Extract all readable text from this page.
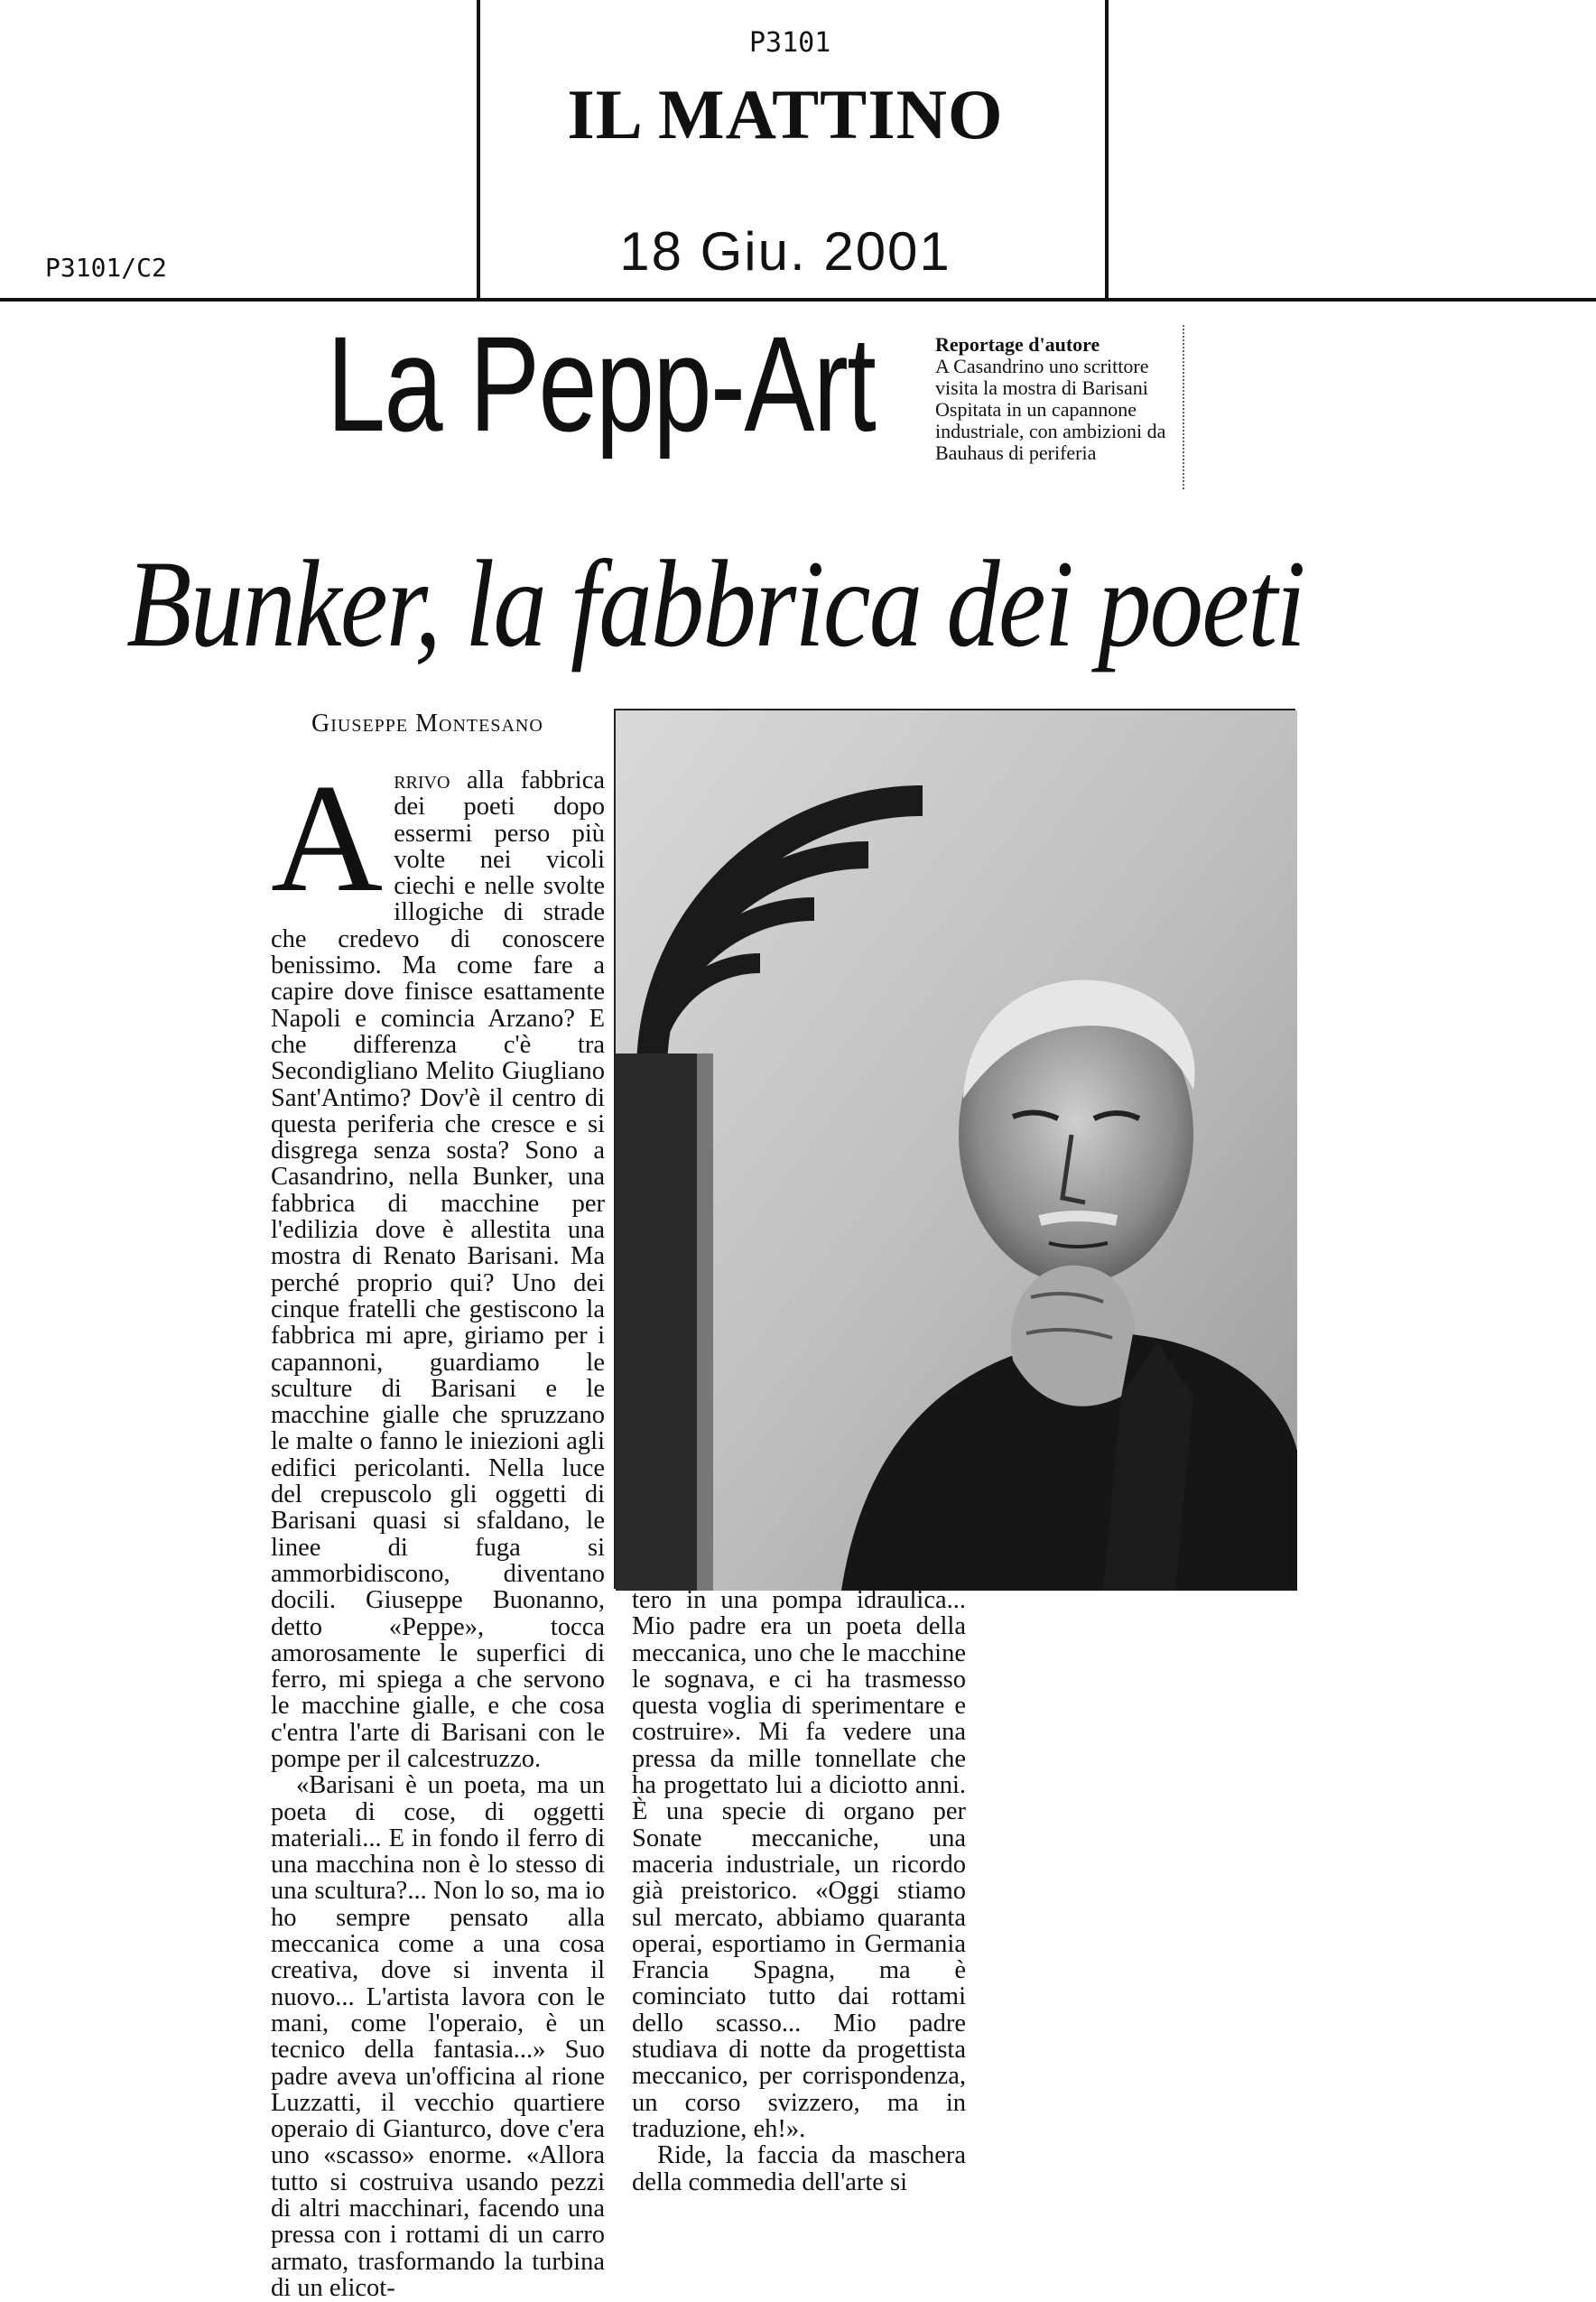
P3101
P3101/C2
IL MATTINO
18 Giu. 2001
La Pepp-Art	Reportage d'autore
A Casandrino uno scrittore visita la mostra di Barisani Ospitata in un capannone industriale, con ambizioni da Bauhaus di periferia
Bunker, la fabbrica dei poeti
Giuseppe Montesano

Arrivo alla fabbrica dei poeti dopo essermi perso più volte nei vicoli ciechi e nelle svolte illogiche di strade che credevo di conoscere benissimo. Ma come fare a capire dove finisce esattamente Napoli e comincia Arzano? E che differenza c'è tra Secondigliano Melito Giugliano Sant'Antimo? Dov'è il centro di questa periferia che cresce e si disgrega senza sosta? Sono a Casandrino, nella Bunker, una fabbrica di macchine per l'edilizia dove è allestita una mostra di Renato Barisani. Ma perché proprio qui? Uno dei cinque fratelli che gestiscono la fabbrica mi apre, giriamo per i capannoni, guardiamo le sculture di Barisani e le macchine gialle che spruzzano le malte o fanno le iniezioni agli edifici pericolanti. Nella luce del crepuscolo gli oggetti di Barisani quasi si sfaldano, le linee di fuga si ammorbidiscono, diventano docili. Giuseppe Buonanno, detto «Peppe», tocca amorosamente le superfici di ferro, mi spiega a che servono le macchine gialle, e che cosa c'entra l'arte di Barisani con le pompe per il calcestruzzo.

«Barisani è un poeta, ma un poeta di cose, di oggetti materiali... E in fondo il ferro di una macchina non è lo stesso di una scultura?... Non lo so, ma io ho sempre pensato alla meccanica come a una cosa creativa, dove si inventa il nuovo... L'artista lavora con le mani, come l'operaio, è un tecnico della fantasia...» Suo padre aveva un'officina al rione Luzzatti, il vecchio quartiere operaio di Gianturco, dove c'era uno «scasso» enorme. «Allora tutto si costruiva usando pezzi di altri macchinari, facendo una pressa con i rottami di un carro armato, trasformando la turbina di un elicot-

tero in una pompa idraulica... Mio padre era un poeta della meccanica, uno che le macchine le sognava, e ci ha trasmesso questa voglia di sperimentare e costruire». Mi fa vedere una pressa da mille tonnellate che ha progettato lui a diciotto anni. È una specie di organo per Sonate meccaniche, una maceria industriale, un ricordo già preistorico. «Oggi stiamo sul mercato, abbiamo quaranta operai, esportiamo in Germania Francia Spagna, ma è cominciato tutto dai rottami dello scasso... Mio padre studiava di notte da progettista meccanico, per corrispondenza, un corso svizzero, ma in traduzione, eh!».

Ride, la faccia da maschera della commedia dell'arte si
